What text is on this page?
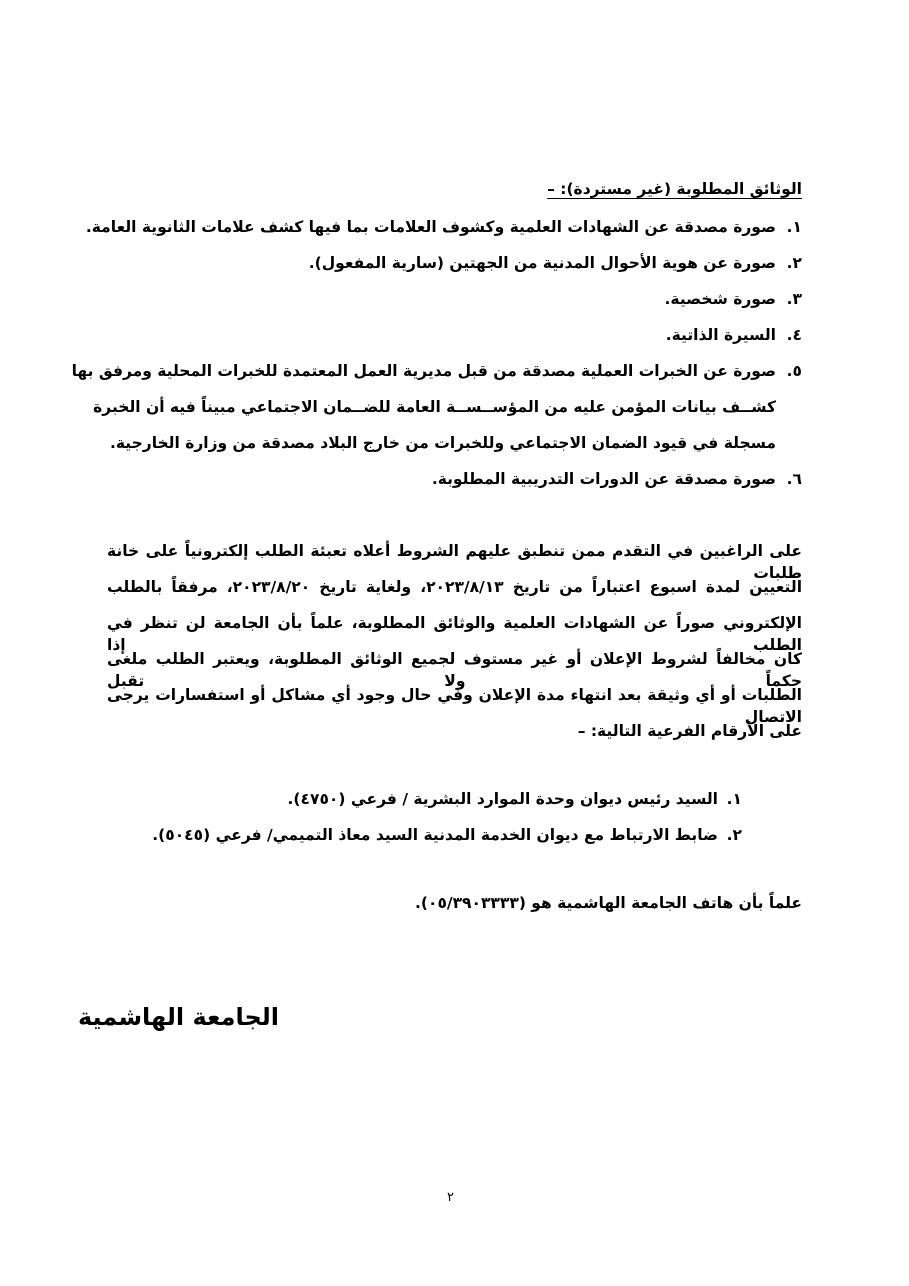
الوثائق المطلوبة (غير مستردة): –
١.صورة مصدقة عن الشهادات العلمية وكشوف العلامات بما فيها كشف علامات الثانوية العامة.
٢.صورة عن هوية الأحوال المدنية من الجهتين (سارية المفعول).
٣.صورة شخصية.
٤.السيرة الذاتية.
٥.صورة عن الخبرات العملية مصدقة من قبل مديرية العمل المعتمدة للخبرات المحلية ومرفق بها
كشــف بيانات المؤمن عليه من المؤســســة العامة للضــمان الاجتماعي مبيناً فيه أن الخبرة
مسجلة في قيود الضمان الاجتماعي وللخبرات من خارج البلاد مصدقة من وزارة الخارجية.
٦.صورة مصدقة عن الدورات التدريبية المطلوبة.
على الراغبين في التقدم ممن تنطبق عليهم الشروط أعلاه تعبئة الطلب إلكترونياً على خانة طلبات
التعيين لمدة اسبوع اعتباراً من تاريخ ٢٠٢٣/٨/١٣، ولغاية تاريخ ٢٠٢٣/٨/٢٠، مرفقاً بالطلب
الإلكتروني صوراً عن الشهادات العلمية والوثائق المطلوبة، علماً بأن الجامعة لن تنظر في الطلب إذا
كان مخالفاً لشروط الإعلان أو غير مستوف لجميع الوثائق المطلوبة، ويعتبر الطلب ملغى حكماً ولا تقبل
الطلبات أو أي وثيقة بعد انتهاء مدة الإعلان وفي حال وجود أي مشاكل أو استفسارات يرجى الاتصال
على الأرقام الفرعية التالية: –
١.السيد رئيس ديوان وحدة الموارد البشرية / فرعي (٤٧٥٠).
٢.ضابط الارتباط مع ديوان الخدمة المدنية السيد معاذ التميمي/ فرعي (٥٠٤٥).
علماً بأن هاتف الجامعة الهاشمية هو (٠٥/٣٩٠٣٣٣٣).
الجامعة الهاشمية
٢
